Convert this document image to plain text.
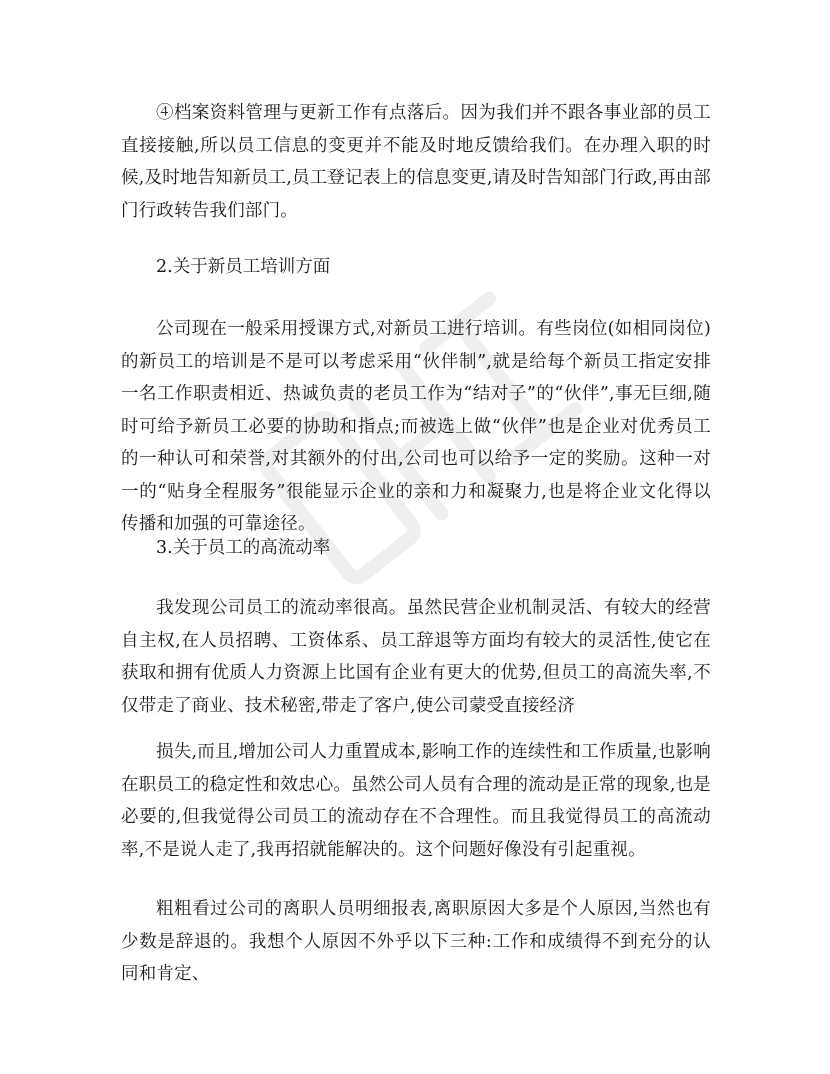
④档案资料管理与更新工作有点落后。因为我们并不跟各事业部的员工直接接触,所以员工信息的变更并不能及时地反馈给我们。在办理入职的时候,及时地告知新员工,员工登记表上的信息变更,请及时告知部门行政,再由部门行政转告我们部门。

2.关于新员工培训方面

公司现在一般采用授课方式,对新员工进行培训。有些岗位(如相同岗位)的新员工的培训是不是可以考虑采用“伙伴制”,就是给每个新员工指定安排一名工作职责相近、热诚负责的老员工作为“结对子”的“伙伴”,事无巨细,随时可给予新员工必要的协助和指点;而被选上做“伙伴”也是企业对优秀员工的一种认可和荣誉,对其额外的付出,公司也可以给予一定的奖励。这种一对一的“贴身全程服务”很能显示企业的亲和力和凝聚力,也是将企业文化得以传播和加强的可靠途径。

3.关于员工的高流动率

我发现公司员工的流动率很高。虽然民营企业机制灵活、有较大的经营自主权,在人员招聘、工资体系、员工辞退等方面均有较大的灵活性,使它在获取和拥有优质人力资源上比国有企业有更大的优势,但员工的高流失率,不仅带走了商业、技术秘密,带走了客户,使公司蒙受直接经济

损失,而且,增加公司人力重置成本,影响工作的连续性和工作质量,也影响在职员工的稳定性和效忠心。虽然公司人员有合理的流动是正常的现象,也是必要的,但我觉得公司员工的流动存在不合理性。而且我觉得员工的高流动率,不是说人走了,我再招就能解决的。这个问题好像没有引起重视。

粗粗看过公司的离职人员明细报表,离职原因大多是个人原因,当然也有少数是辞退的。我想个人原因不外乎以下三种:工作和成绩得不到充分的认同和肯定、
